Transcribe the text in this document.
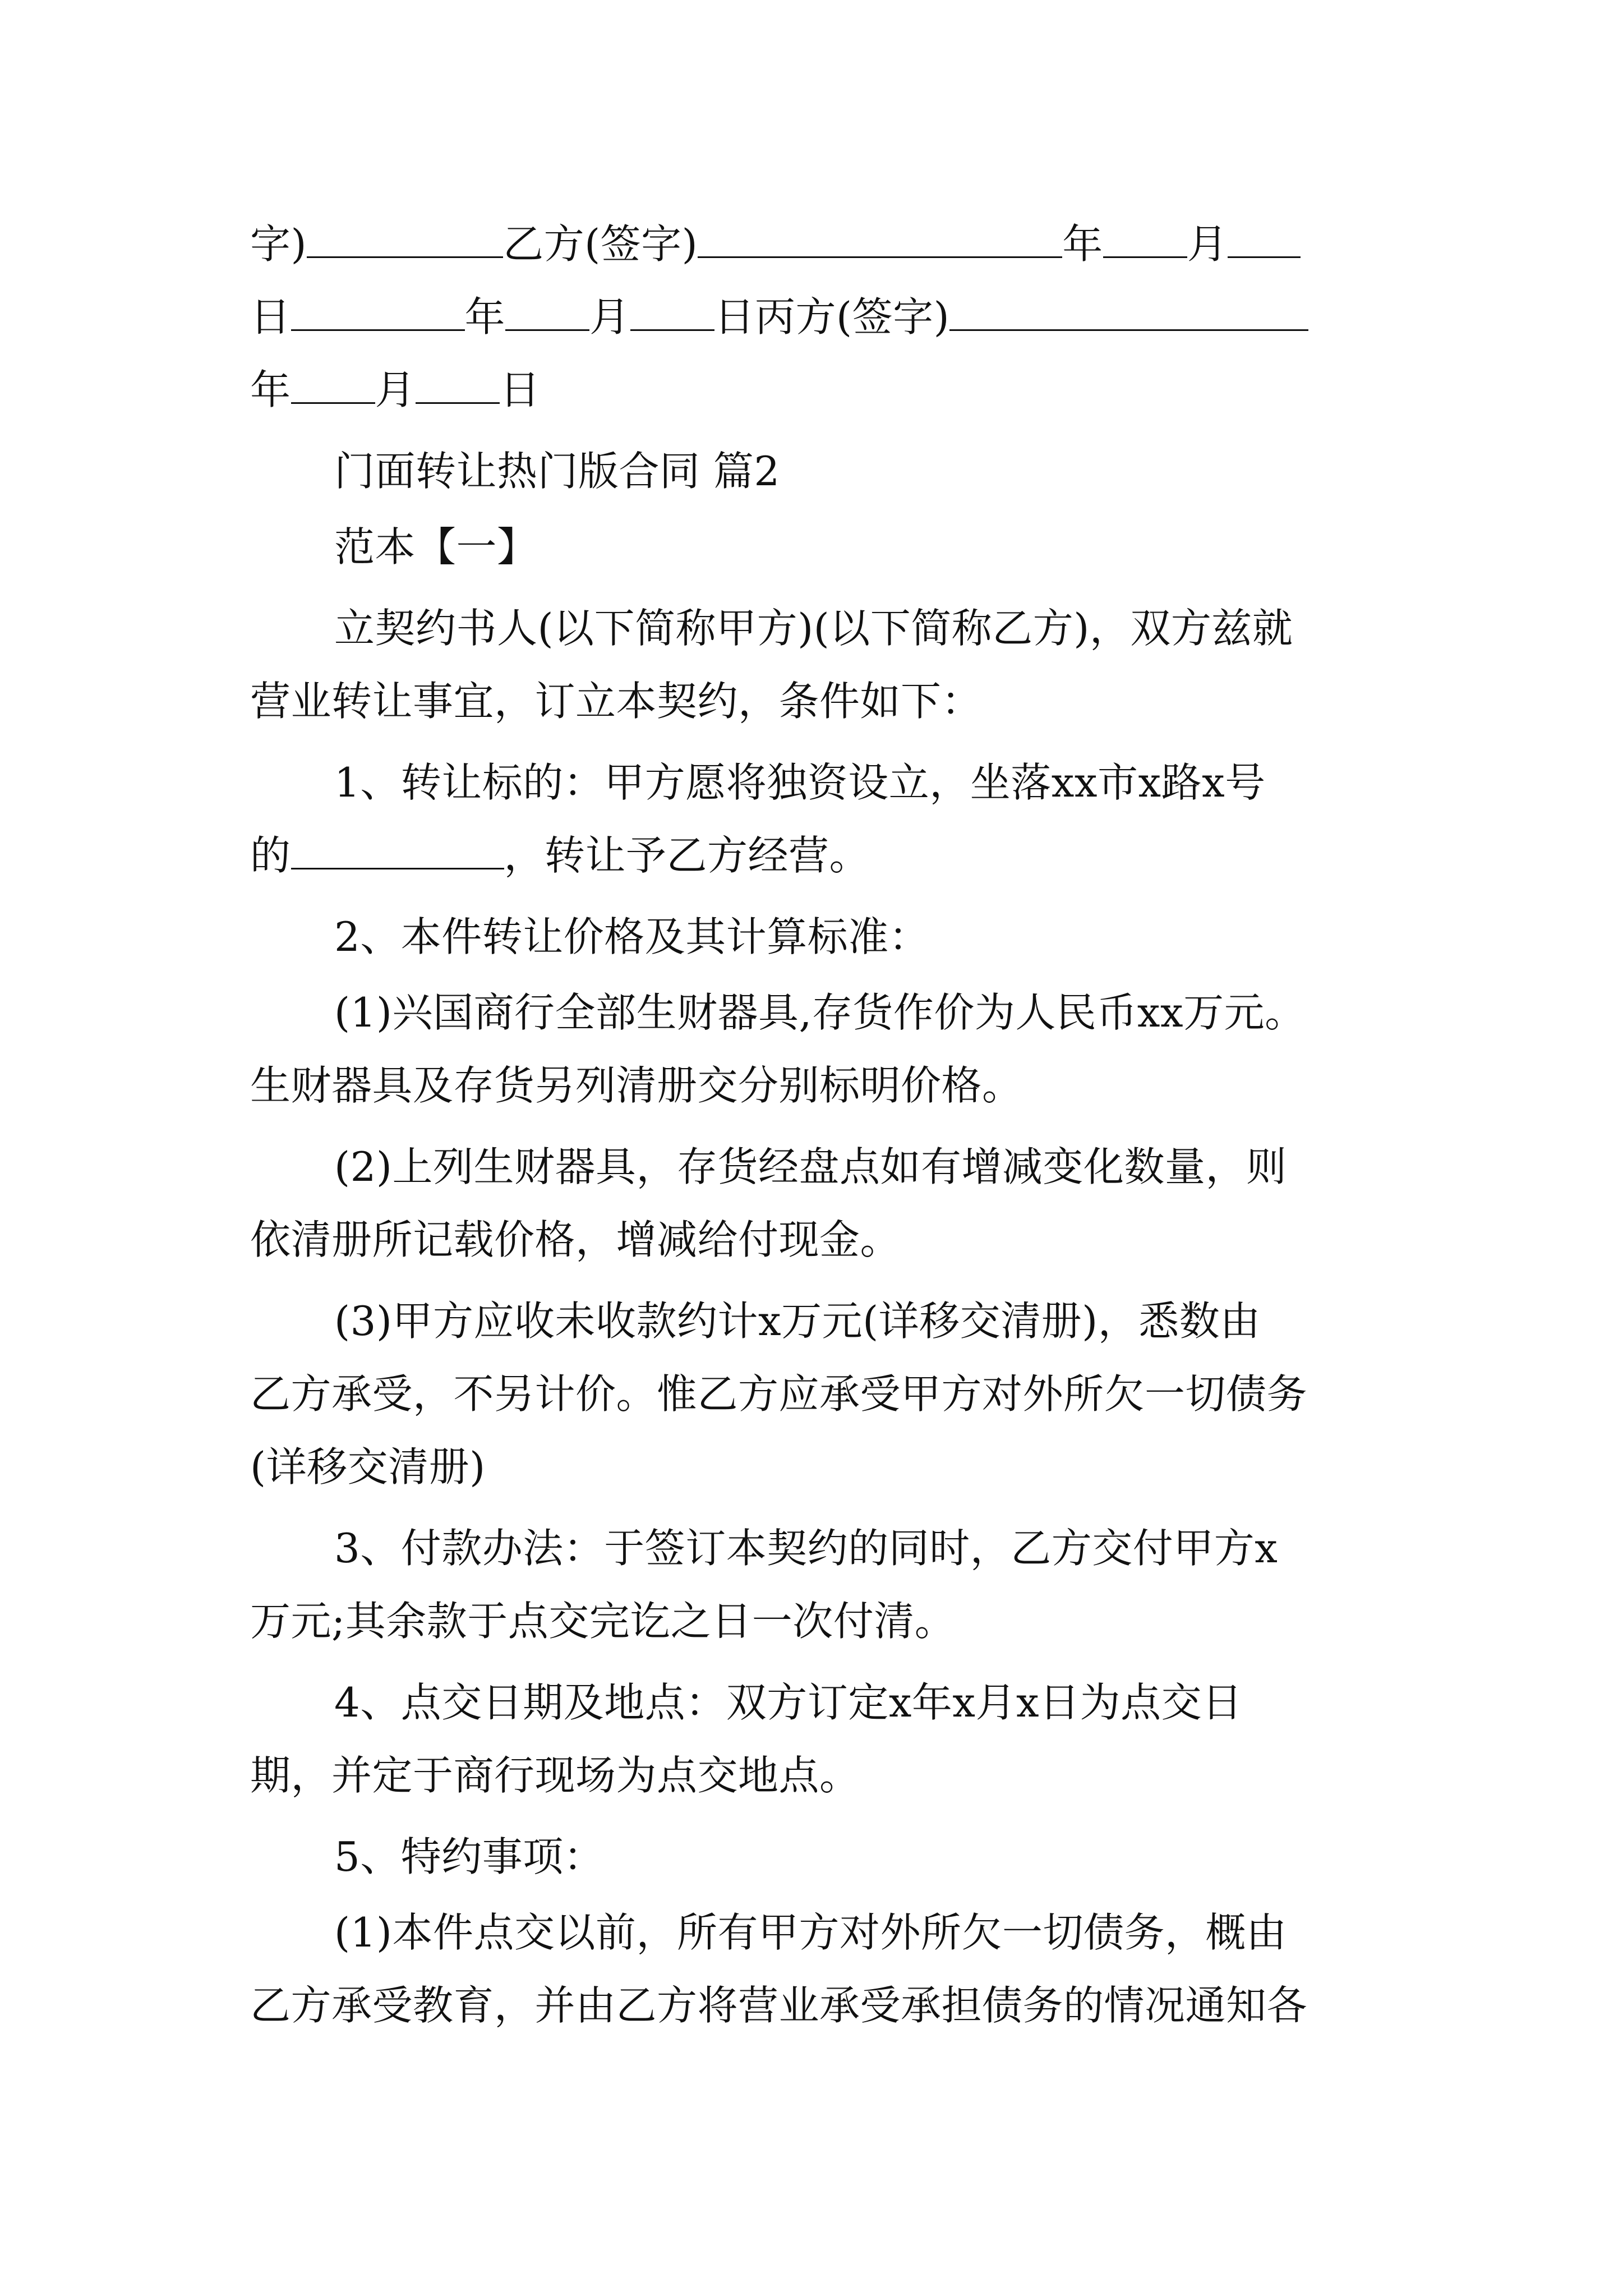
字)	乙方(签字)	年 月
日	年 月 日丙方(签字)
年 月 日
门面转让热门版合同 篇2
范本【一】
立契约书人(以下简称甲方)(以下简称乙方)，双方兹就
营业转让事宜，订立本契约，条件如下：
1、转让标的：甲方愿将独资设立，坐落xx市x路x号
的	，转让予乙方经营。
2、本件转让价格及其计算标准：
(1)兴国商行全部生财器具,存货作价为人民币xx万元。
生财器具及存货另列清册交分别标明价格。
(2)上列生财器具，存货经盘点如有增减变化数量，则
依清册所记载价格，增减给付现金。
(3)甲方应收未收款约计x万元(详移交清册)，悉数由
乙方承受，不另计价。惟乙方应承受甲方对外所欠一切债务
(详移交清册)
3、付款办法：于签订本契约的同时，乙方交付甲方x
万元;其余款于点交完讫之日一次付清。
4、点交日期及地点：双方订定x年x月x日为点交日
期，并定于商行现场为点交地点。
5、特约事项：
(1)本件点交以前，所有甲方对外所欠一切债务，概由
乙方承受教育，并由乙方将营业承受承担债务的情况通知各
